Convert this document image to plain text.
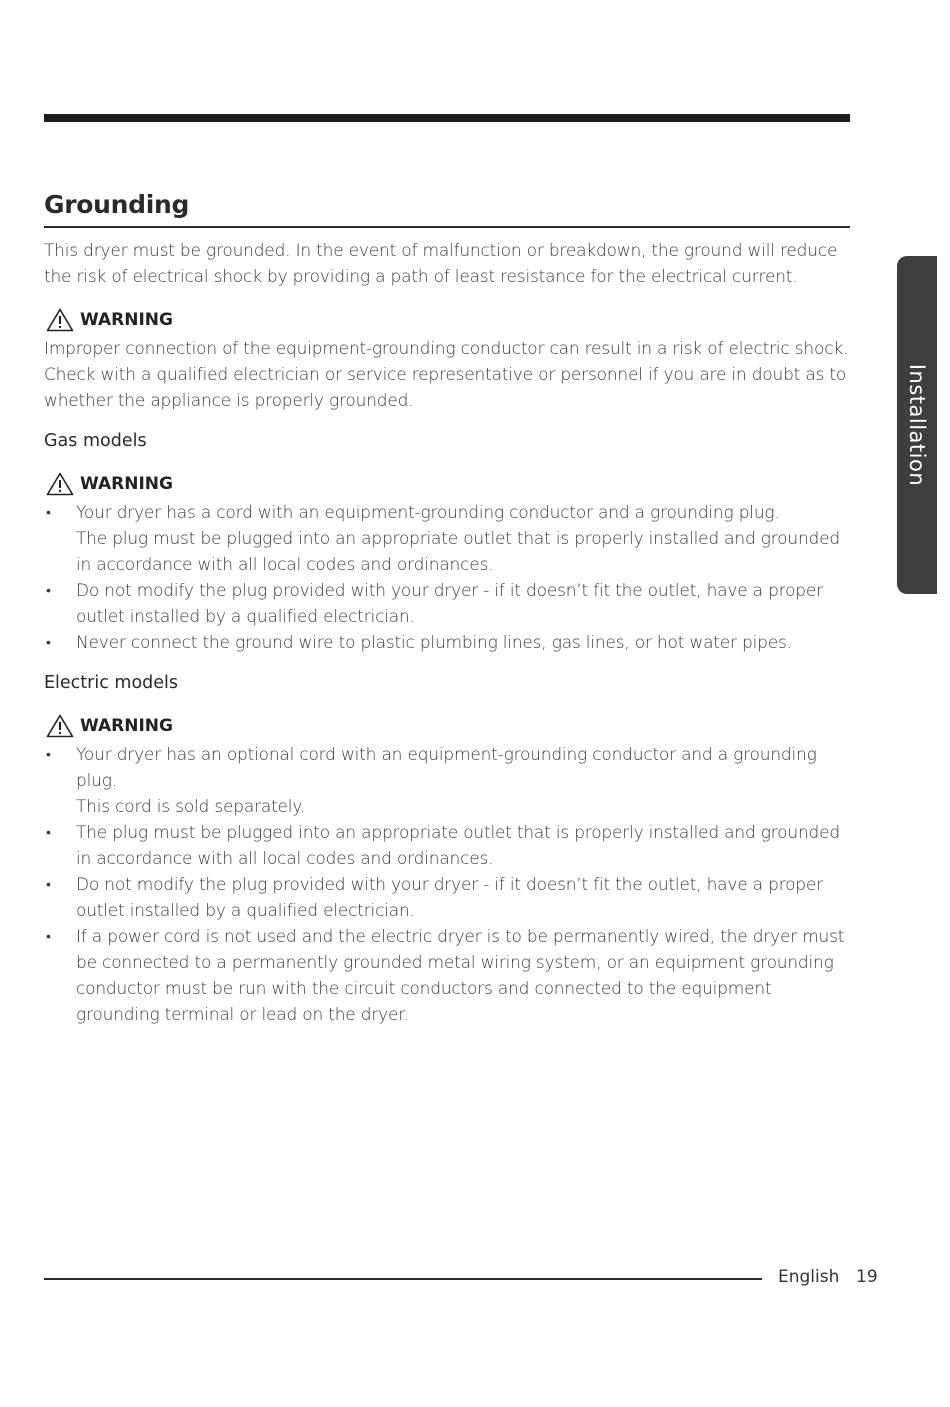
Grounding

This dryer must be grounded. In the event of malfunction or breakdown, the ground will reduce the risk of electrical shock by providing a path of least resistance for the electrical current.

WARNING

Improper connection of the equipment-grounding conductor can result in a risk of electric shock. Check with a qualified electrician or service representative or personnel if you are in doubt as to whether the appliance is properly grounded.

Gas models
WARNING
• Your dryer has a cord with an equipment-grounding conductor and a grounding plug.
The plug must be plugged into an appropriate outlet that is properly installed and grounded in accordance with all local codes and ordinances.
• Do not modify the plug provided with your dryer - if it doesn’t fit the outlet, have a proper outlet installed by a qualified electrician.
• Never connect the ground wire to plastic plumbing lines, gas lines, or hot water pipes.
Electric models
WARNING
• Your dryer has an optional cord with an equipment-grounding conductor and a grounding plug.
This cord is sold separately.
• The plug must be plugged into an appropriate outlet that is properly installed and grounded in accordance with all local codes and ordinances.
• Do not modify the plug provided with your dryer - if it doesn’t fit the outlet, have a proper outlet installed by a qualified electrician.
• If a power cord is not used and the electric dryer is to be permanently wired, the dryer must be connected to a permanently grounded metal wiring system, or an equipment grounding conductor must be run with the circuit conductors and connected to the equipment grounding terminal or lead on the dryer.
Installation
English 19
